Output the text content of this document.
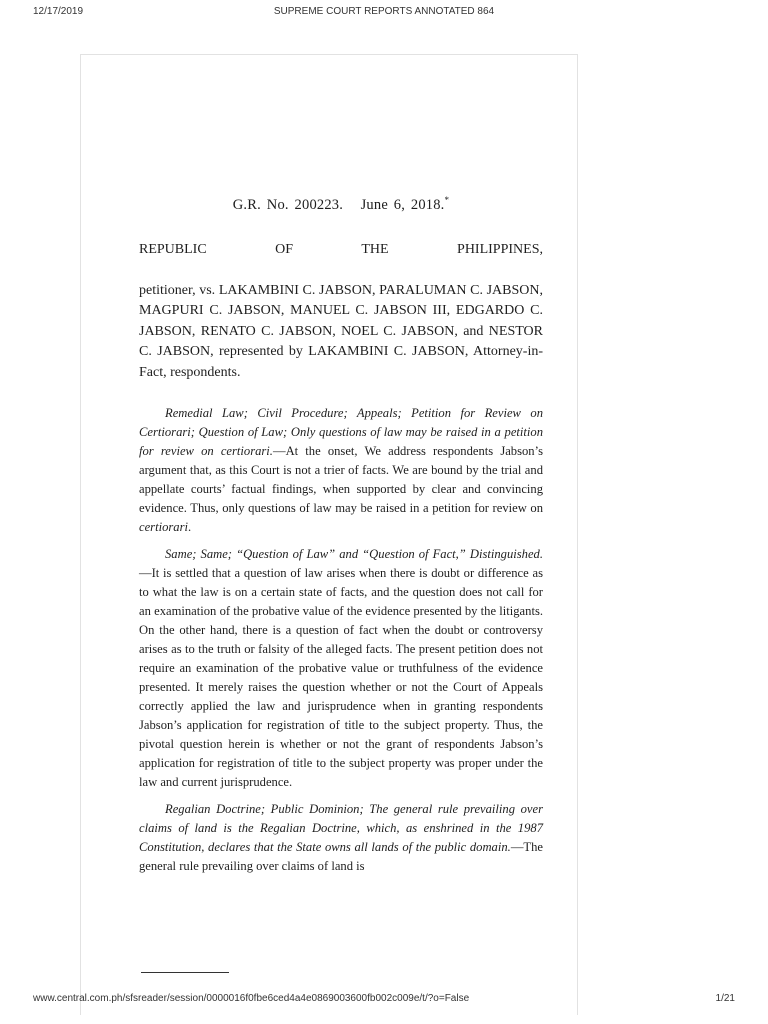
12/17/2019	SUPREME COURT REPORTS ANNOTATED 864

G.R. No. 200223. June 6, 2018.*

REPUBLIC OF THE PHILIPPINES,

petitioner, vs. LAKAMBINI C. JABSON, PARALUMAN C. JABSON, MAGPURI C. JABSON, MANUEL C. JABSON III, EDGARDO C. JABSON, RENATO C. JABSON, NOEL C. JABSON, and NESTOR C. JABSON, represented by LAKAMBINI C. JABSON, Attorney-in-Fact, respondents.

Remedial Law; Civil Procedure; Appeals; Petition for Review on Certiorari; Question of Law; Only questions of law may be raised in a petition for review on certiorari.—At the onset, We address respondents Jabson’s argument that, as this Court is not a trier of facts. We are bound by the trial and appellate courts’ factual findings, when supported by clear and convincing evidence. Thus, only questions of law may be raised in a petition for review on certiorari.

Same; Same; “Question of Law” and “Question of Fact,” Distinguished.—It is settled that a question of law arises when there is doubt or difference as to what the law is on a certain state of facts, and the question does not call for an examination of the probative value of the evidence presented by the litigants. On the other hand, there is a question of fact when the doubt or controversy arises as to the truth or falsity of the alleged facts. The present petition does not require an examination of the probative value or truthfulness of the evidence presented. It merely raises the question whether or not the Court of Appeals correctly applied the law and jurisprudence when in granting respondents Jabson’s application for registration of title to the subject property. Thus, the pivotal question herein is whether or not the grant of respondents Jabson’s application for registration of title to the subject property was proper under the law and current jurisprudence.

Regalian Doctrine; Public Dominion; The general rule prevailing over claims of land is the Regalian Doctrine, which, as enshrined in the 1987 Constitution, declares that the State owns all lands of the public domain.—The general rule prevailing over claims of land is

www.central.com.ph/sfsreader/session/0000016f0fbe6ced4a4e0869003600fb002c009e/t/?o=False	1/21
